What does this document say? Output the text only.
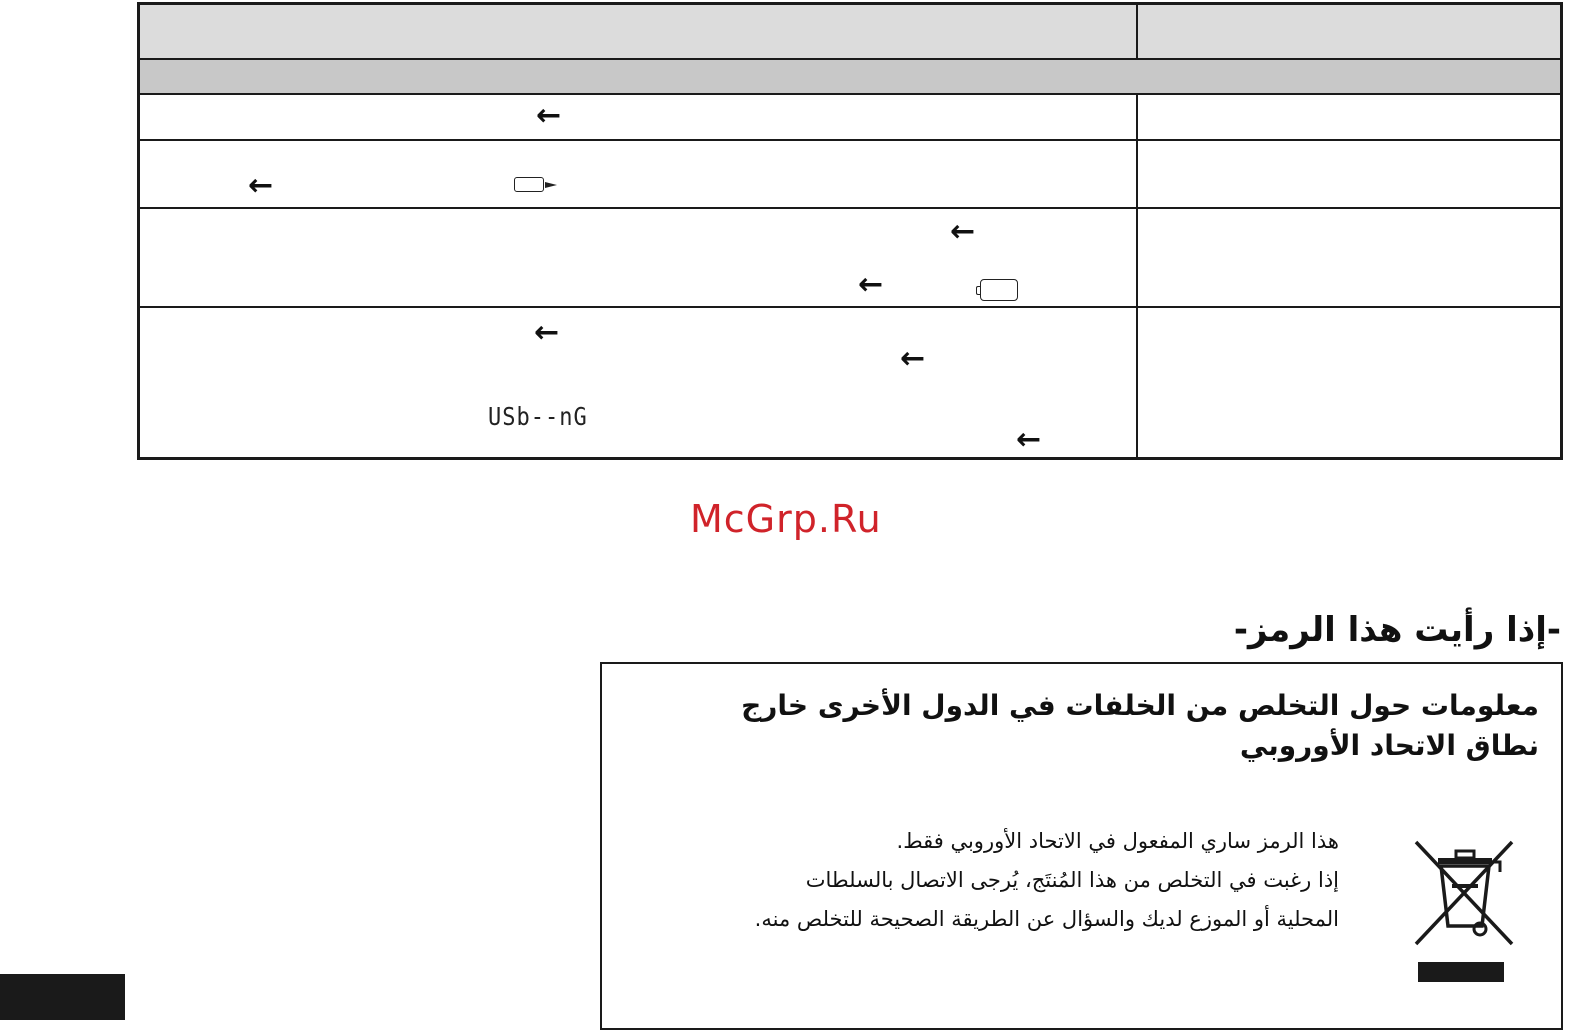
←
←
←
←
←
←
USb--nG
←
McGrp.Ru
-إذا رأيت هذا الرمز-
معلومات حول التخلص من الخلفات في الدول الأخرى خارج نطاق الاتحاد الأوروبي

هذا الرمز ساري المفعول في الاتحاد الأوروبي فقط.

إذا رغبت في التخلص من هذا المُنتَج، يُرجى الاتصال بالسلطات

المحلية أو الموزع لديك والسؤال عن الطريقة الصحيحة للتخلص منه.
